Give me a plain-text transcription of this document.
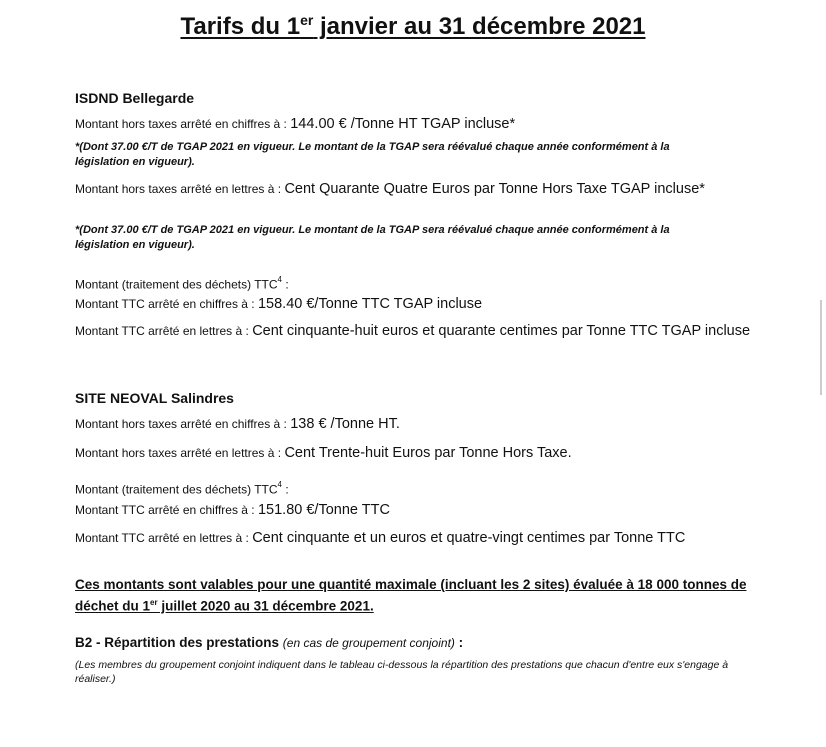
Tarifs du 1er janvier au 31 décembre 2021
ISDND Bellegarde
Montant hors taxes arrêté en chiffres à : 144.00 € /Tonne HT TGAP incluse*
*(Dont 37.00 €/T de TGAP 2021 en vigueur. Le montant de la TGAP sera réévalué chaque année conformément à la législation en vigueur).
Montant hors taxes arrêté en lettres à : Cent Quarante Quatre Euros par Tonne Hors Taxe TGAP incluse*
*(Dont 37.00 €/T de TGAP 2021 en vigueur. Le montant de la TGAP sera réévalué chaque année conformément à la législation en vigueur).
Montant (traitement des déchets) TTC$^4$ :
Montant TTC arrêté en chiffres à : 158.40 €/Tonne TTC TGAP incluse
Montant TTC arrêté en lettres à : Cent cinquante-huit euros et quarante centimes par Tonne TTC TGAP incluse
SITE NEOVAL Salindres
Montant hors taxes arrêté en chiffres à : 138 € /Tonne HT.
Montant hors taxes arrêté en lettres à : Cent Trente-huit Euros par Tonne Hors Taxe.
Montant (traitement des déchets) TTC$^4$ :
Montant TTC arrêté en chiffres à : 151.80 €/Tonne TTC
Montant TTC arrêté en lettres à : Cent cinquante et un euros et quatre-vingt centimes par Tonne TTC
Ces montants sont valables pour une quantité maximale (incluant les 2 sites) évaluée à 18 000 tonnes de déchet du 1er juillet 2020 au 31 décembre 2021.
B2 - Répartition des prestations (en cas de groupement conjoint) :
(Les membres du groupement conjoint indiquent dans le tableau ci-dessous la répartition des prestations que chacun d'entre eux s'engage à réaliser.)
